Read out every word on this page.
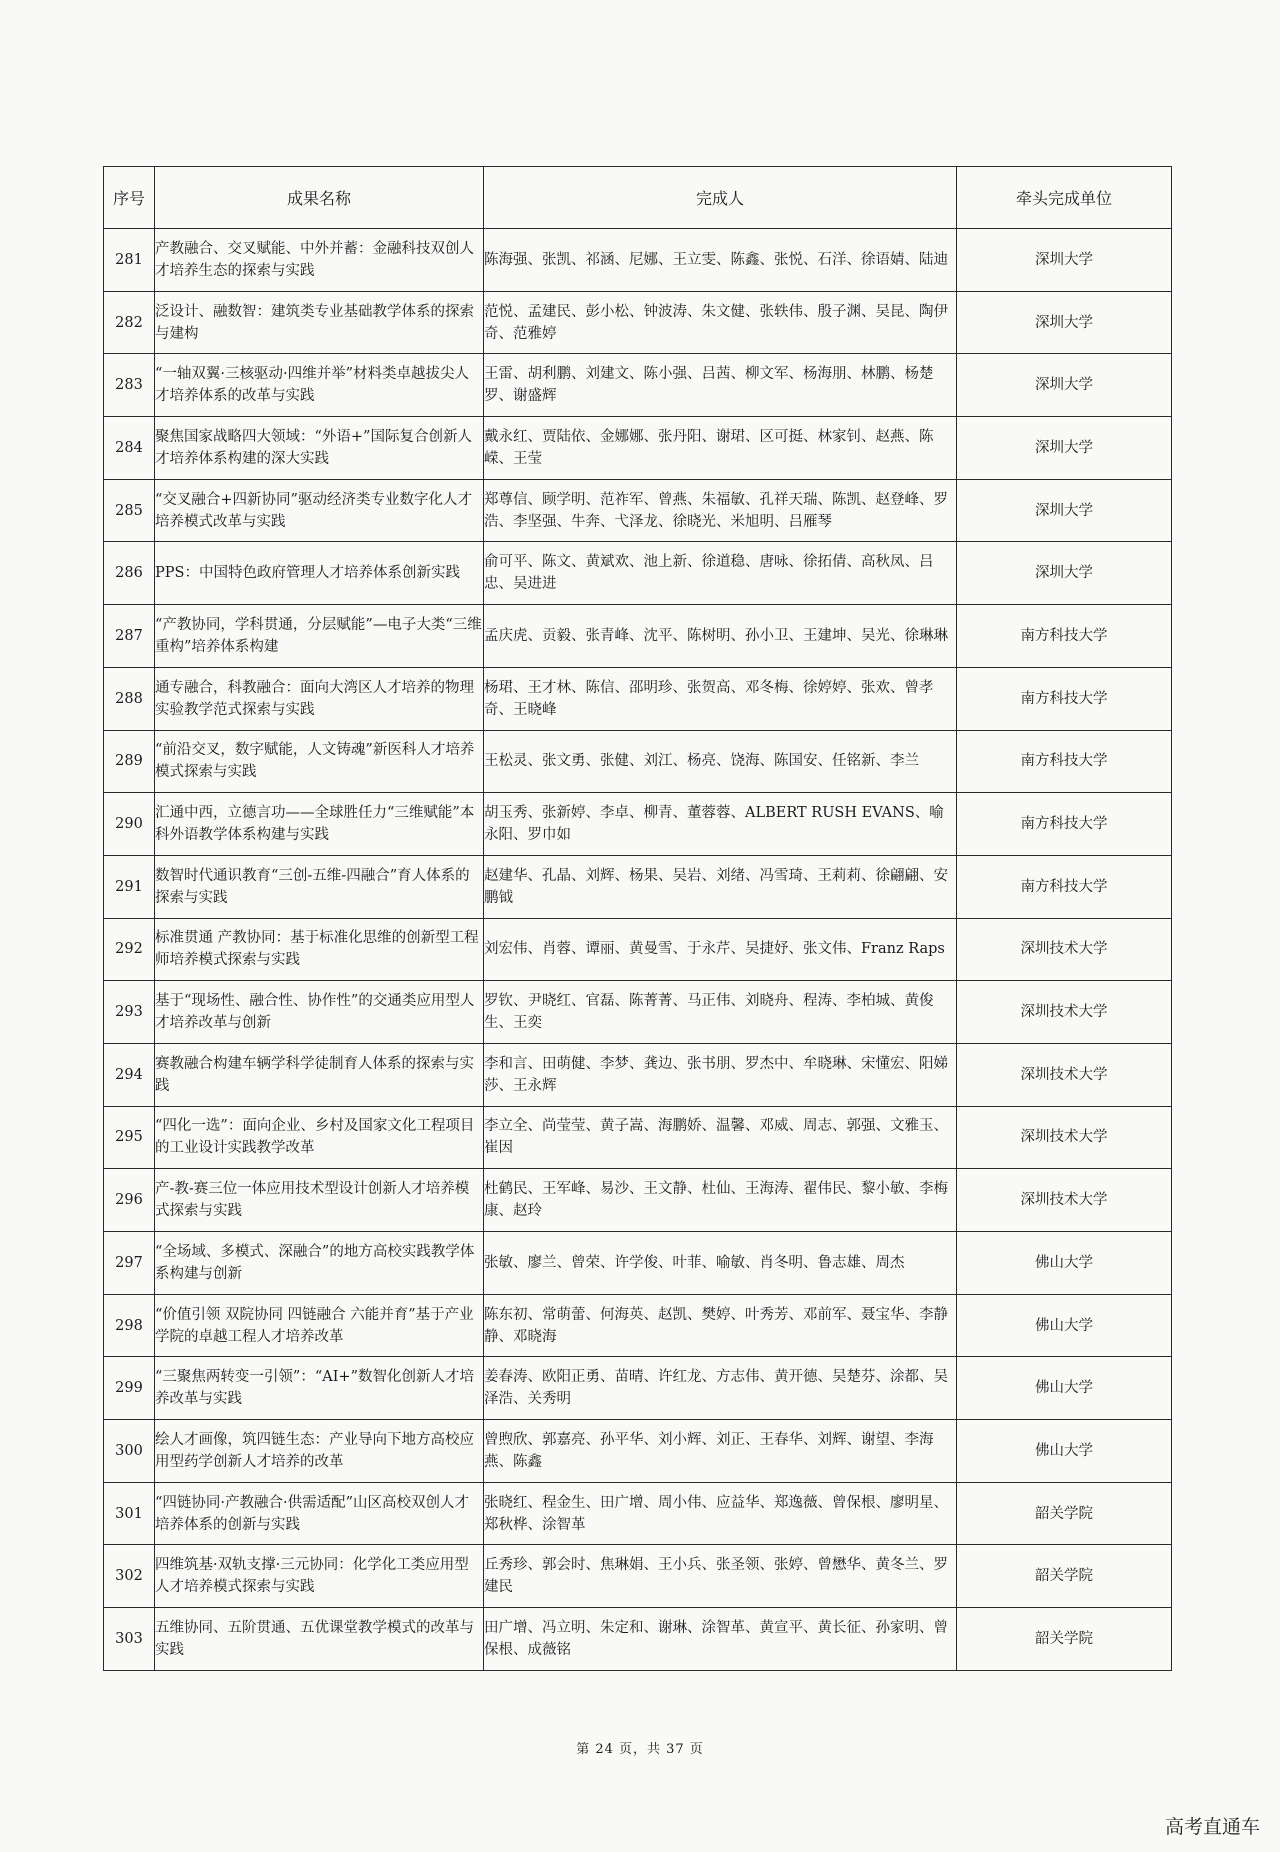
序号	成果名称	完成人	牵头完成单位
281	产教融合、交叉赋能、中外并蓄：金融科技双创人才培养生态的探索与实践	陈海强、张凯、祁涵、尼娜、王立雯、陈鑫、张悦、石洋、徐语婧、陆迪	深圳大学
282	泛设计、融数智：建筑类专业基础教学体系的探索与建构	范悦、孟建民、彭小松、钟波涛、朱文健、张轶伟、殷子渊、吴昆、陶伊奇、范雅婷	深圳大学
283	“一轴双翼·三核驱动·四维并举”材料类卓越拔尖人才培养体系的改革与实践	王雷、胡利鹏、刘建文、陈小强、吕茜、柳文军、杨海朋、林鹏、杨楚罗、谢盛辉	深圳大学
284	聚焦国家战略四大领域：“外语+”国际复合创新人才培养体系构建的深大实践	戴永红、贾陆依、金娜娜、张丹阳、谢珺、区可挺、林家钊、赵燕、陈嵘、王莹	深圳大学
285	“交叉融合+四新协同”驱动经济类专业数字化人才培养模式改革与实践	郑尊信、顾学明、范祚军、曾燕、朱福敏、孔祥天瑞、陈凯、赵登峰、罗浩、李坚强、牛奔、弋泽龙、徐晓光、米旭明、吕雁琴	深圳大学
286	PPS：中国特色政府管理人才培养体系创新实践	俞可平、陈文、黄斌欢、池上新、徐道稳、唐咏、徐拓倩、高秋凤、吕忠、吴进进	深圳大学
287	“产教协同，学科贯通，分层赋能”—电子大类“三维重构”培养体系构建	孟庆虎、贡毅、张青峰、沈平、陈树明、孙小卫、王建坤、吴光、徐琳琳	南方科技大学
288	通专融合，科教融合：面向大湾区人才培养的物理实验教学范式探索与实践	杨珺、王才林、陈信、邵明珍、张贺高、邓冬梅、徐婷婷、张欢、曾孝奇、王晓峰	南方科技大学
289	“前沿交叉，数字赋能，人文铸魂”新医科人才培养模式探索与实践	王松灵、张文勇、张健、刘江、杨亮、饶海、陈国安、任铭新、李兰	南方科技大学
290	汇通中西，立德言功——全球胜任力“三维赋能”本科外语教学体系构建与实践	胡玉秀、张新婷、李卓、柳青、董蓉蓉、ALBERT RUSH EVANS、喻永阳、罗巾如	南方科技大学
291	数智时代通识教育“三创-五维-四融合”育人体系的探索与实践	赵建华、孔晶、刘辉、杨果、吴岩、刘绪、冯雪琦、王莉莉、徐翩翩、安鹏钺	南方科技大学
292	标准贯通 产教协同：基于标准化思维的创新型工程师培养模式探索与实践	刘宏伟、肖蓉、谭丽、黄曼雪、于永芹、吴捷妤、张文伟、Franz Raps	深圳技术大学
293	基于“现场性、融合性、协作性”的交通类应用型人才培养改革与创新	罗钦、尹晓红、官磊、陈菁菁、马正伟、刘晓舟、程涛、李柏城、黄俊生、王奕	深圳技术大学
294	赛教融合构建车辆学科学徒制育人体系的探索与实践	李和言、田萌健、李梦、龚边、张书朋、罗杰中、牟晓琳、宋懂宏、阳娣莎、王永辉	深圳技术大学
295	“四化一选”：面向企业、乡村及国家文化工程项目的工业设计实践教学改革	李立全、尚莹莹、黄子嵩、海鹏娇、温馨、邓威、周志、郭强、文雅玉、崔因	深圳技术大学
296	产-教-赛三位一体应用技术型设计创新人才培养模式探索与实践	杜鹤民、王军峰、易沙、王文静、杜仙、王海涛、翟伟民、黎小敏、李梅康、赵玲	深圳技术大学
297	“全场域、多模式、深融合”的地方高校实践教学体系构建与创新	张敏、廖兰、曾荣、许学俊、叶菲、喻敏、肖冬明、鲁志雄、周杰	佛山大学
298	“价值引领 双院协同 四链融合 六能并育”基于产业学院的卓越工程人才培养改革	陈东初、常萌蕾、何海英、赵凯、樊婷、叶秀芳、邓前军、聂宝华、李静静、邓晓海	佛山大学
299	“三聚焦两转变一引领”：“AI+”数智化创新人才培养改革与实践	姜春涛、欧阳正勇、苗晴、许红龙、方志伟、黄开德、吴楚芬、涂都、吴泽浩、关秀明	佛山大学
300	绘人才画像，筑四链生态：产业导向下地方高校应用型药学创新人才培养的改革	曾煦欣、郭嘉亮、孙平华、刘小辉、刘正、王春华、刘辉、谢望、李海燕、陈鑫	佛山大学
301	“四链协同·产教融合·供需适配”山区高校双创人才培养体系的创新与实践	张晓红、程金生、田广增、周小伟、应益华、郑逸薇、曾保根、廖明星、郑秋桦、涂智革	韶关学院
302	四维筑基·双轨支撑·三元协同：化学化工类应用型人才培养模式探索与实践	丘秀珍、郭会时、焦琳娟、王小兵、张圣领、张婷、曾懋华、黄冬兰、罗建民	韶关学院
303	五维协同、五阶贯通、五优课堂教学模式的改革与实践	田广增、冯立明、朱定和、谢琳、涂智革、黄宣平、黄长征、孙家明、曾保根、成薇铭	韶关学院
第 24 页，共 37 页
高考直通车
